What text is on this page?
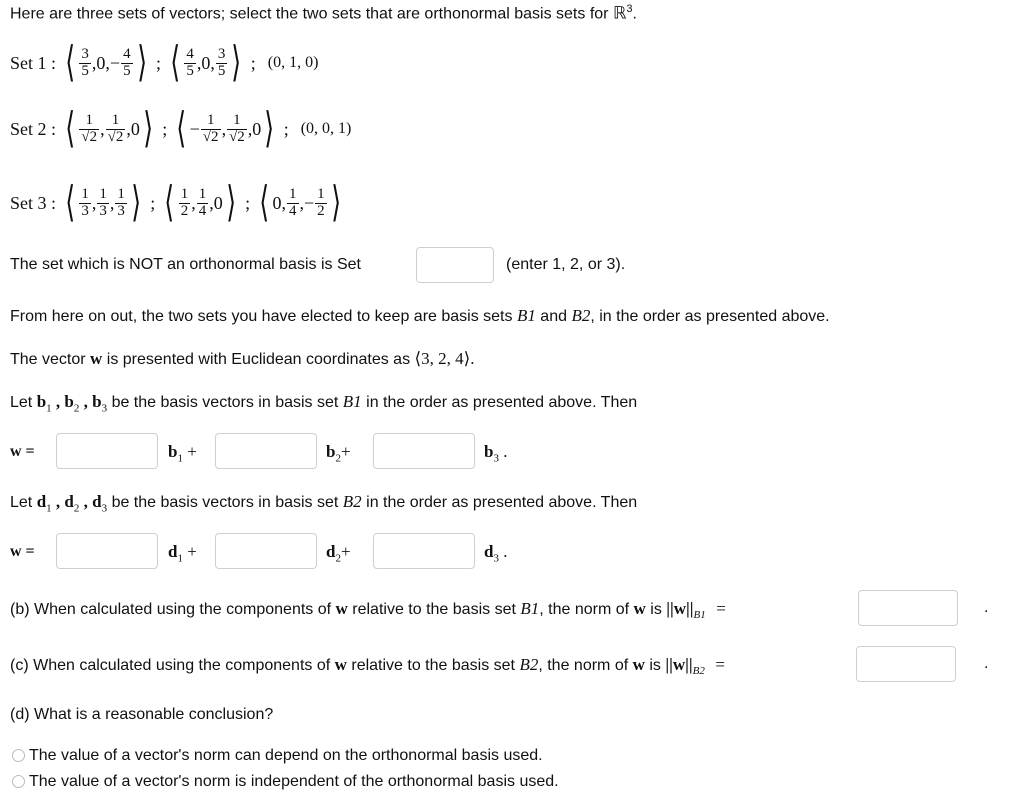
Here are three sets of vectors; select the two sets that are orthonormal basis sets for ℝ$^3$.
Set 1 : ⟨ $\frac{3}{5}$ , 0 , − $\frac{4}{5}$ ⟩ ; ⟨ $\frac{4}{5}$ , 0 , $\frac{3}{5}$ ⟩ ; (0, 1, 0)
Set 2 : ⟨ $\frac{1}{√2}$ , $\frac{1}{√2}$ , 0 ⟩ ; ⟨ − $\frac{1}{√2}$ , $\frac{1}{√2}$ , 0 ⟩ ; (0, 0, 1)
Set 3 : ⟨ $\frac{1}{3}$ , $\frac{1}{3}$ , $\frac{1}{3}$ ⟩ ; ⟨ $\frac{1}{2}$ , $\frac{1}{4}$ , 0 ⟩ ; ⟨ 0 , $\frac{1}{4}$ , − $\frac{1}{2}$ ⟩
The set which is NOT an orthonormal basis is Set	(enter 1, 2, or 3).
From here on out, the two sets you have elected to keep are basis sets B1 and B2, in the order as presented above.
The vector w is presented with Euclidean coordinates as ⟨3, 2, 4⟩.
Let $b_1$ , $b_2$ , $b_3$ be the basis vectors in basis set B1 in the order as presented above. Then
w =	$b_1$ +	$b_2+$	$b_3$ .
Let $d_1$ , $d_2$ , $d_3$ be the basis vectors in basis set B2 in the order as presented above. Then
w =	$d_1$ +	$d_2+$	$d_3$ .
(b) When calculated using the components of w relative to the basis set B1, the norm of w is $||w||_{B1}$ =	.
(c) When calculated using the components of w relative to the basis set B2, the norm of w is $||w||_{B2}$ =	.
(d) What is a reasonable conclusion?
The value of a vector's norm can depend on the orthonormal basis used.
The value of a vector's norm is independent of the orthonormal basis used.
